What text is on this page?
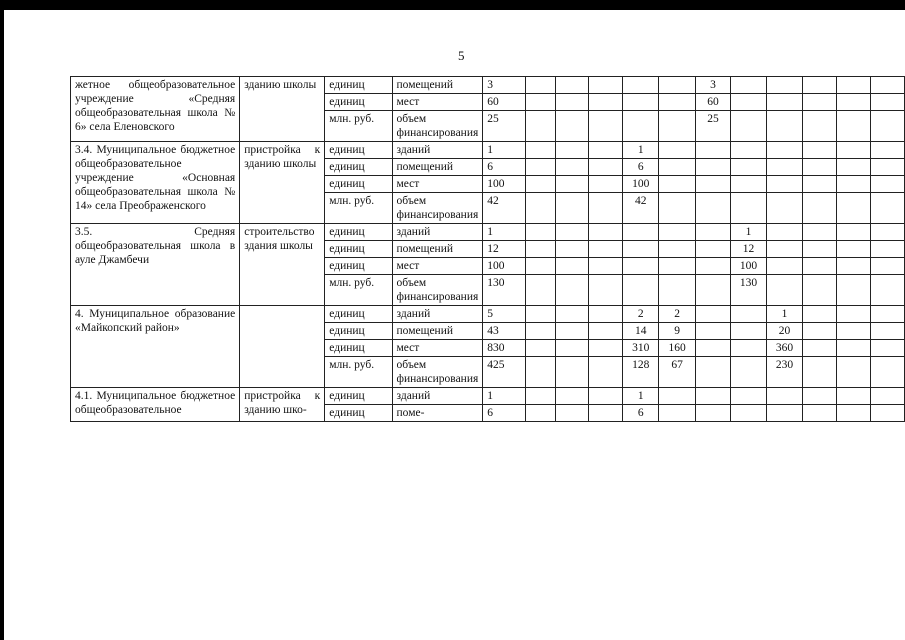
5
жетное общеобразовательное учреждение «Средняя общеобразовательная школа № 6» села Еленовского	зданию школы	единиц	помещений	3						3					
		единиц	мест	60						60					
		млн. руб.	объем финансирования	25						25					
3.4. Муниципальное бюджетное общеобразовательное учреждение «Основная общеобразовательная школа № 14» села Преображенского	пристройка к зданию школы	единиц	зданий	1				1							
		единиц	помещений	6				6							
		единиц	мест	100				100							
		млн. руб.	объем финансирования	42				42							
3.5. Средняя общеобразовательная школа в ауле Джамбечи	строительство здания школы	единиц	зданий	1							1				
		единиц	помещений	12							12				
		единиц	мест	100							100				
		млн. руб.	объем финансирования	130							130				
4. Муниципальное образование «Майкопский район»		единиц	зданий	5				2	2			1			
		единиц	помещений	43				14	9			20			
		единиц	мест	830				310	160			360			
		млн. руб.	объем финансирования	425				128	67			230			
4.1. Муниципальное бюджетное общеобразовательное	пристройка к зданию шко-	единиц	зданий	1				1							
		единиц	поме-	6				6							
